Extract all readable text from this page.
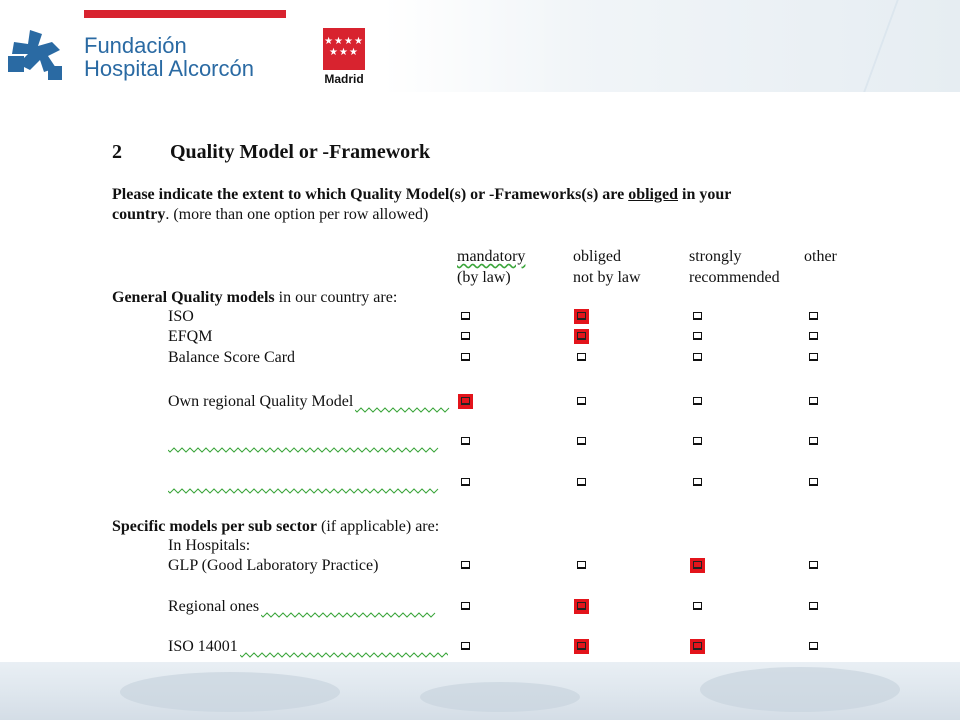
Fundación
Hospital Alcorcón
★★★★
★★★
Madrid
2 Quality Model or -Framework
Please indicate the extent to which Quality Model(s) or -Frameworks(s) are obliged in your
country. (more than one option per row allowed)
mandatory
(by law)
obliged
not by law
strongly
recommended
other
General Quality models in our country are:
Specific models per sub sector (if applicable) are:
In Hospitals:
ISO
EFQM
Balance Score Card
Own regional Quality Model
GLP (Good Laboratory Practice)
Regional ones
ISO 14001
